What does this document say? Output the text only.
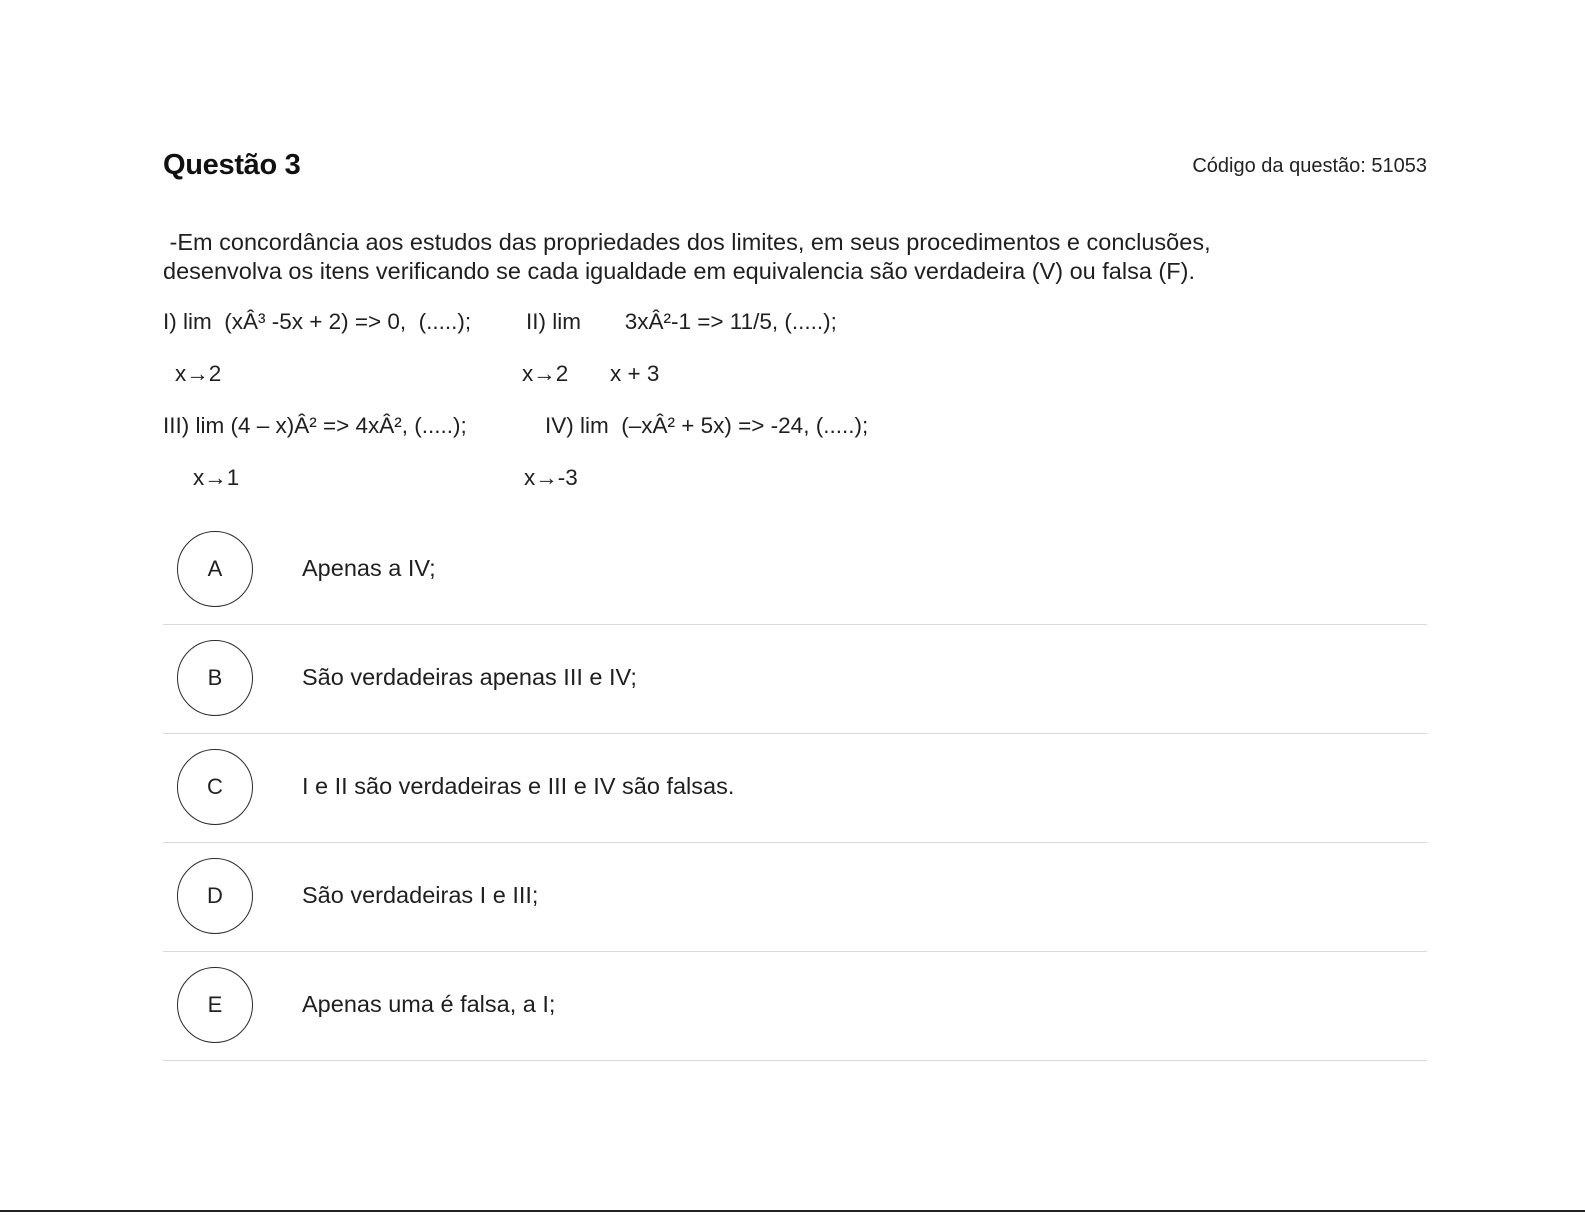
Questão 3	Código da questão: 51053

-Em concordância aos estudos das propriedades dos limites, em seus procedimentos e conclusões,

desenvolva os itens verificando se cada igualdade em equivalencia são verdadeira (V) ou falsa (F).

I) lim  (xÂ³ -5x + 2) => 0,  (.....);
x→2
II) lim       3xÂ²-1 => 11/5, (.....);
x→2 x + 3
III) lim (4 – x)Â² => 4xÂ², (.....);
x→1
IV) lim  (–xÂ² + 5x) => -24, (.....);
x→-3
A	Apenas a IV;
B	São verdadeiras apenas III e IV;
C	I e II são verdadeiras e III e IV são falsas.
D	São verdadeiras I e III;
E	Apenas uma é falsa, a I;
